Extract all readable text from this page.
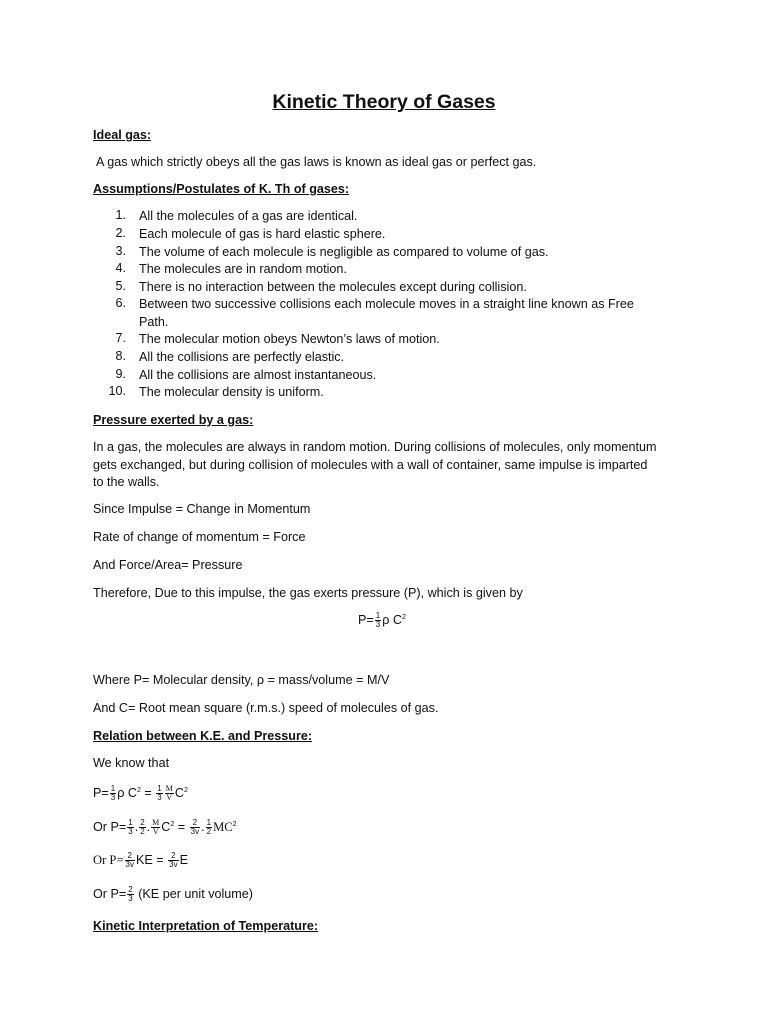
Kinetic Theory of Gases
Ideal gas:
A gas which strictly obeys all the gas laws is known as ideal gas or perfect gas.
Assumptions/Postulates of K. Th of gases:
1. All the molecules of a gas are identical.
2. Each molecule of gas is hard elastic sphere.
3. The volume of each molecule is negligible as compared to volume of gas.
4. The molecules are in random motion.
5. There is no interaction between the molecules except during collision.
6. Between two successive collisions each molecule moves in a straight line known as Free
Path.
7. The molecular motion obeys Newton’s laws of motion.
8. All the collisions are perfectly elastic.
9. All the collisions are almost instantaneous.
10. The molecular density is uniform.
Pressure exerted by a gas:
In a gas, the molecules are always in random motion. During collisions of molecules, only momentum
gets exchanged, but during collision of molecules with a wall of container, same impulse is imparted
to the walls.
Since Impulse = Change in Momentum
Rate of change of momentum = Force
And Force/Area= Pressure
Therefore, Due to this impulse, the gas exerts pressure (P), which is given by
$P= \frac{1}{3}$ ρ $C^2$
Where P= Molecular density, ρ = mass/volume = M/V
And C= Root mean square (r.m.s.) speed of molecules of gas.
Relation between K.E. and Pressure:
We know that
$P= \frac{1}{3}$ ρ $C^2 = \frac{1}{3} \frac{M}{V} C^2$
Or $P= \frac{1}{3}$ . $\frac{2}{2}$ . $\frac{M}{V} C^2 = \frac{2}{3v}$ . $\frac{1}{2} MC^2$
Or $P= \frac{2}{3v}$ KE = $\frac{2}{3v}$ E
Or $P= \frac{2}{3} (KE$ per unit volume)
Kinetic Interpretation of Temperature:
